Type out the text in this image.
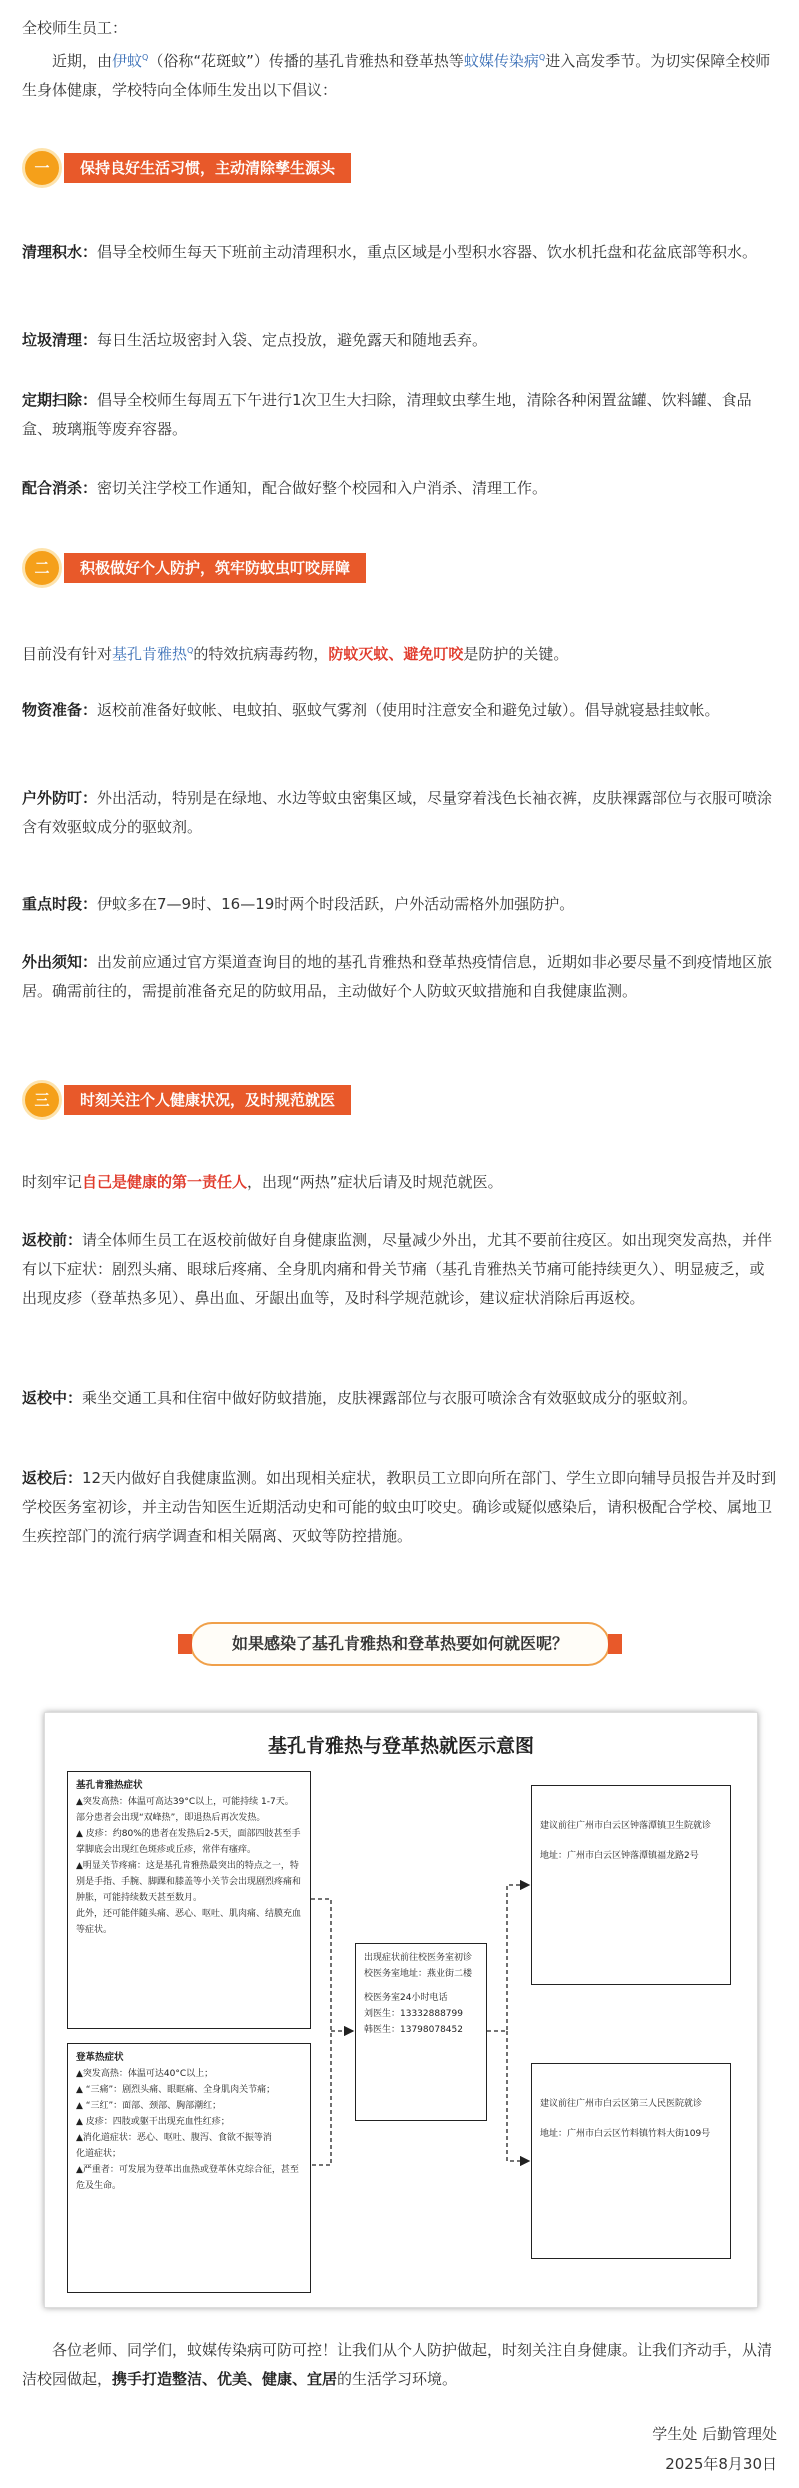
全校师生员工：

近期，由伊蚊$^Q$（俗称“花斑蚊”）传播的基孔肯雅热和登革热等蚊媒传染病$^Q$进入高发季节。为切实保障全校师生身体健康，学校特向全体师生发出以下倡议：

一	保持良好生活习惯，主动清除孳生源头

清理积水：倡导全校师生每天下班前主动清理积水，重点区域是小型积水容器、饮水机托盘和花盆底部等积水。

垃圾清理：每日生活垃圾密封入袋、定点投放，避免露天和随地丢弃。

定期扫除：倡导全校师生每周五下午进行1次卫生大扫除，清理蚊虫孳生地，清除各种闲置盆罐、饮料罐、食品盒、玻璃瓶等废弃容器。

配合消杀：密切关注学校工作通知，配合做好整个校园和入户消杀、清理工作。

二	积极做好个人防护，筑牢防蚊虫叮咬屏障

目前没有针对基孔肯雅热$^Q$的特效抗病毒药物，防蚊灭蚊、避免叮咬是防护的关键。

物资准备：返校前准备好蚊帐、电蚊拍、驱蚊气雾剂（使用时注意安全和避免过敏）。倡导就寝悬挂蚊帐。

户外防叮：外出活动，特别是在绿地、水边等蚊虫密集区域，尽量穿着浅色长袖衣裤，皮肤裸露部位与衣服可喷涂含有效驱蚊成分的驱蚊剂。

重点时段：伊蚊多在7—9时、16—19时两个时段活跃，户外活动需格外加强防护。

外出须知：出发前应通过官方渠道查询目的地的基孔肯雅热和登革热疫情信息，近期如非必要尽量不到疫情地区旅居。确需前往的，需提前准备充足的防蚊用品，主动做好个人防蚊灭蚊措施和自我健康监测。

三	时刻关注个人健康状况，及时规范就医

时刻牢记自己是健康的第一责任人，出现“两热”症状后请及时规范就医。

返校前：请全体师生员工在返校前做好自身健康监测，尽量减少外出，尤其不要前往疫区。如出现突发高热，并伴有以下症状：剧烈头痛、眼球后疼痛、全身肌肉痛和骨关节痛（基孔肯雅热关节痛可能持续更久）、明显疲乏，或出现皮疹（登革热多见）、鼻出血、牙龈出血等，及时科学规范就诊，建议症状消除后再返校。

返校中：乘坐交通工具和住宿中做好防蚊措施，皮肤裸露部位与衣服可喷涂含有效驱蚊成分的驱蚊剂。

返校后：12天内做好自我健康监测。如出现相关症状，教职员工立即向所在部门、学生立即向辅导员报告并及时到学校医务室初诊，并主动告知医生近期活动史和可能的蚊虫叮咬史。确诊或疑似感染后，请积极配合学校、属地卫生疾控部门的流行病学调查和相关隔离、灭蚊等防控措施。

如果感染了基孔肯雅热和登革热要如何就医呢？
基孔肯雅热与登革热就医示意图
基孔肯雅热症状
▲突发高热：体温可高达39°C以上，可能持续 1-7天。部分患者会出现“双峰热”，即退热后再次发热。
▲ 皮疹：约80%的患者在发热后2-5天，面部四肢甚至手掌脚底会出现红色斑疹或丘疹，常伴有瘙痒。
▲明显关节疼痛：这是基孔肯雅热最突出的特点之一，特别是手指、手腕、脚踝和膝盖等小关节会出现剧烈疼痛和肿胀，可能持续数天甚至数月。
此外，还可能伴随头痛、恶心、呕吐、肌肉痛、结膜充血等症状。
登革热症状
▲突发高热：体温可达40°C以上；
▲ “三痛”：剧烈头痛、眼眶痛、全身肌肉关节痛；
▲ “三红”：面部、颈部、胸部潮红；
▲ 皮疹：四肢或躯干出现充血性红疹；
▲消化道症状：恶心、呕吐、腹泻、食欲不振等消
化道症状；
▲严重者：可发展为登革出血热或登革休克综合征，甚至危及生命。
出现症状前往校医务室初诊
校医务室地址：燕业街二楼
校医务室24小时电话
刘医生：13332888799
韩医生：13798078452
建议前往广州市白云区钟落潭镇卫生院就诊
地址：广州市白云区钟落潭镇福龙路2号
建议前往广州市白云区第三人民医院就诊
地址：广州市白云区竹料镇竹料大街109号

各位老师、同学们，蚊媒传染病可防可控！让我们从个人防护做起，时刻关注自身健康。让我们齐动手，从清洁校园做起，携手打造整洁、优美、健康、宜居的生活学习环境。

学生处 后勤管理处
2025年8月30日
